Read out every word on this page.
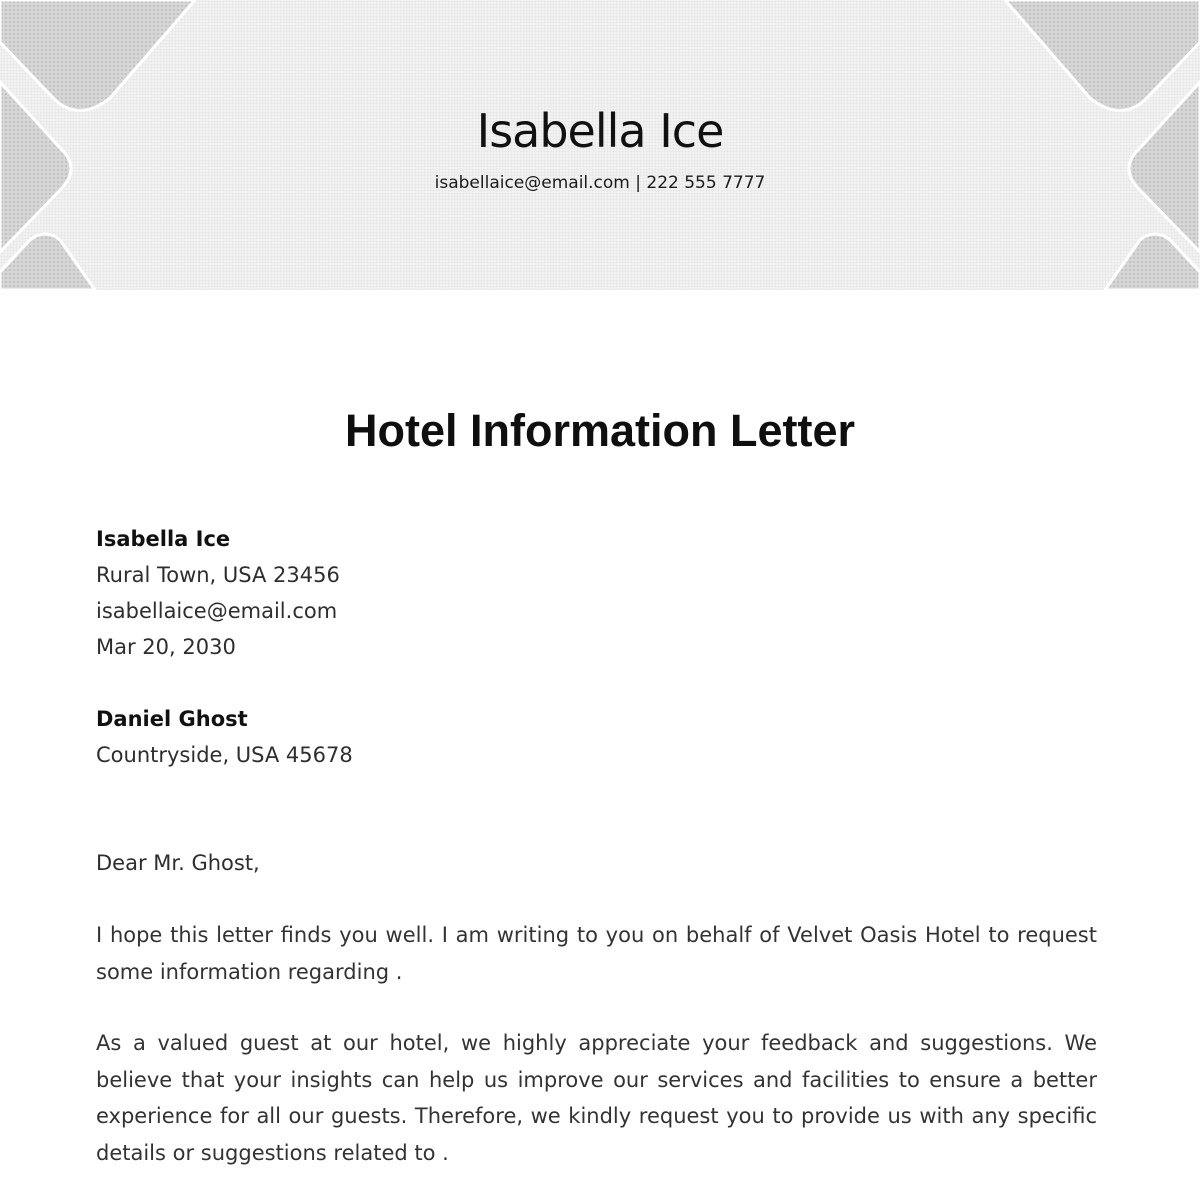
Isabella Ice
isabellaice@email.com | 222 555 7777
Hotel Information Letter
Isabella Ice
Rural Town, USA 23456
isabellaice@email.com
Mar 20, 2030
Daniel Ghost
Countryside, USA 45678
Dear Mr. Ghost,
I hope this letter finds you well. I am writing to you on behalf of Velvet Oasis Hotel to request some information regarding .
As a valued guest at our hotel, we highly appreciate your feedback and suggestions. We believe that your insights can help us improve our services and facilities to ensure a better experience for all our guests. Therefore, we kindly request you to provide us with any specific details or suggestions related to .
